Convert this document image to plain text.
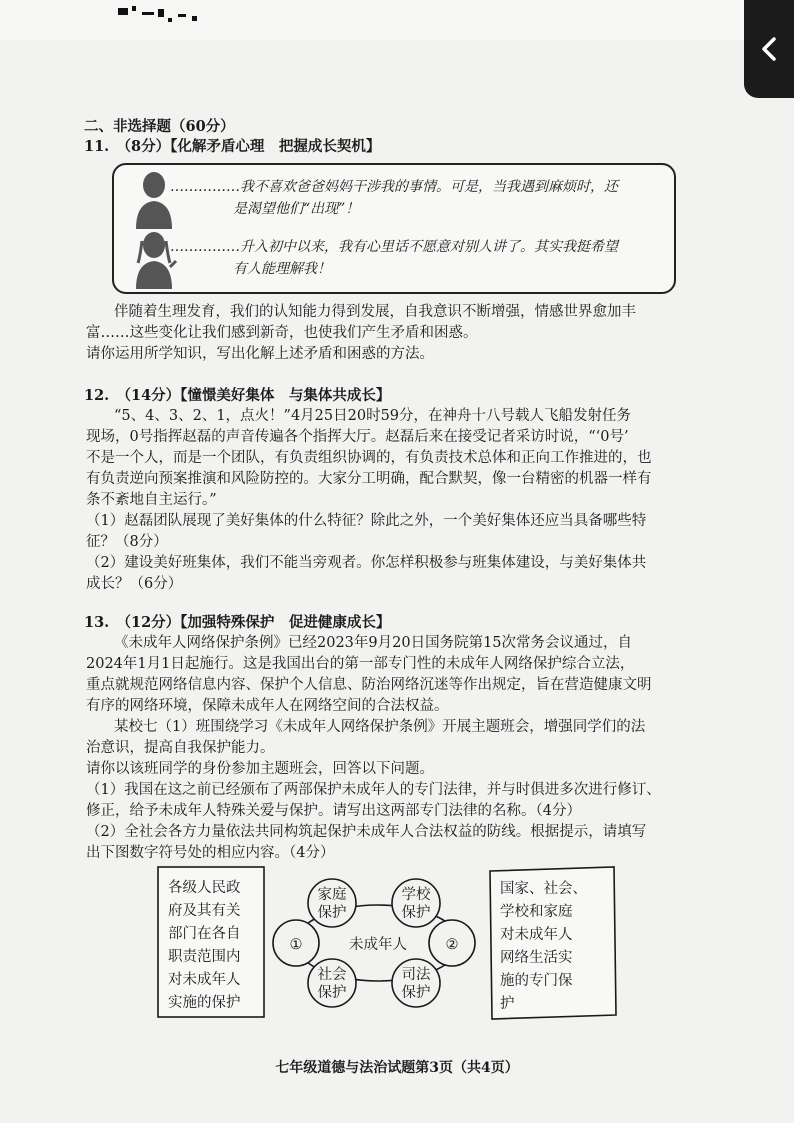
二、非选择题（60分）
11.　（8分）【化解矛盾心理　把握成长契机】
……………我不喜欢爸爸妈妈干涉我的事情。可是，当我遇到麻烦时，还
是渴望他们“出现”！
……………升入初中以来，我有心里话不愿意对别人讲了。其实我挺希望
有人能理解我！
伴随着生理发育，我们的认知能力得到发展，自我意识不断增强，情感世界愈加丰
富……这些变化让我们感到新奇，也使我们产生矛盾和困惑。
请你运用所学知识，写出化解上述矛盾和困惑的方法。
12.　（14分）【憧憬美好集体　与集体共成长】
“5、4、3、2、1，点火！”4月25日20时59分，在神舟十八号载人飞船发射任务
现场，0号指挥赵磊的声音传遍各个指挥大厅。赵磊后来在接受记者采访时说，“‘0号’
不是一个人，而是一个团队，有负责组织协调的，有负责技术总体和正向工作推进的，也
有负责逆向预案推演和风险防控的。大家分工明确，配合默契，像一台精密的机器一样有
条不紊地自主运行。”
（1）赵磊团队展现了美好集体的什么特征？除此之外，一个美好集体还应当具备哪些特
征？（8分）
（2）建设美好班集体，我们不能当旁观者。你怎样积极参与班集体建设，与美好集体共
成长？（6分）
13.　（12分）【加强特殊保护　促进健康成长】
《未成年人网络保护条例》已经2023年9月20日国务院第15次常务会议通过，自
2024年1月1日起施行。这是我国出台的第一部专门性的未成年人网络保护综合立法，
重点就规范网络信息内容、保护个人信息、防治网络沉迷等作出规定，旨在营造健康文明
有序的网络环境，保障未成年人在网络空间的合法权益。
某校七（1）班围绕学习《未成年人网络保护条例》开展主题班会，增强同学们的法
治意识，提高自我保护能力。
请你以该班同学的身份参加主题班会，回答以下问题。
（1）我国在这之前已经颁布了两部保护未成年人的专门法律，并与时俱进多次进行修订、
修正，给予未成年人特殊关爱与保护。请写出这两部专门法律的名称。（4分）
（2）全社会各方力量依法共同构筑起保护未成年人合法权益的防线。根据提示，请填写
出下图数字符号处的相应内容。（4分）
各级人民政
府及其有关
部门在各自
职责范围内
对未成年人
实施的保护
国家、社会、
学校和家庭
对未成年人
网络生活实
施的专门保
护
未成年人
①	②
家庭
保护
学校
保护
社会
保护
司法
保护
七年级道德与法治试题第3页（共4页）
